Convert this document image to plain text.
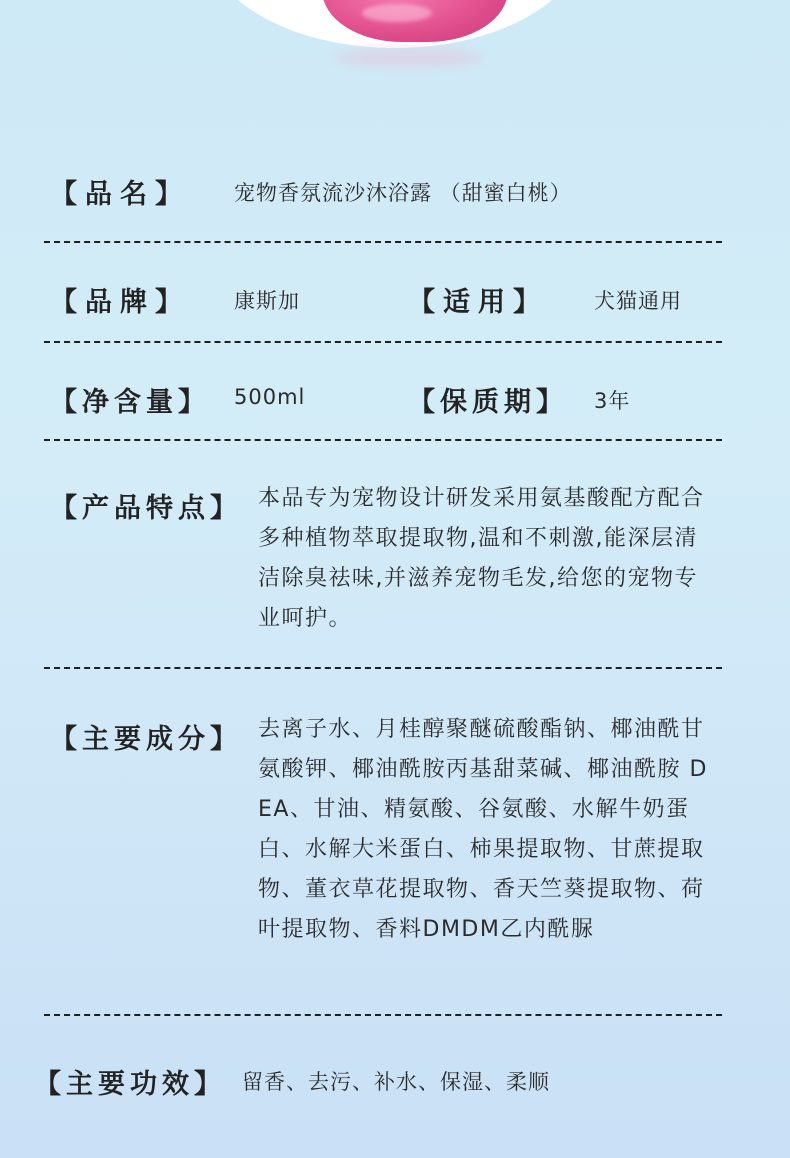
【品名】 宠物香氛流沙沐浴露 （甜蜜白桃）
【品牌】 康斯加	【适用】 犬猫通用
【净含量】 500ml	【保质期】 3年
【产品特点】 本品专为宠物设计研发采用氨基酸配方配合多种植物萃取提取物,温和不刺激,能深层清洁除臭祛味,并滋养宠物毛发,给您的宠物专业呵护。
【主要成分】 去离子水、月桂醇聚醚硫酸酯钠、椰油酰甘氨酸钾、椰油酰胺丙基甜菜碱、椰油酰胺 DEA、甘油、精氨酸、谷氨酸、水解牛奶蛋白、水解大米蛋白、柿果提取物、甘蔗提取物、董衣草花提取物、香天竺葵提取物、荷叶提取物、香料DMDM乙内酰脲
【主要功效】 留香、去污、补水、保湿、柔顺
